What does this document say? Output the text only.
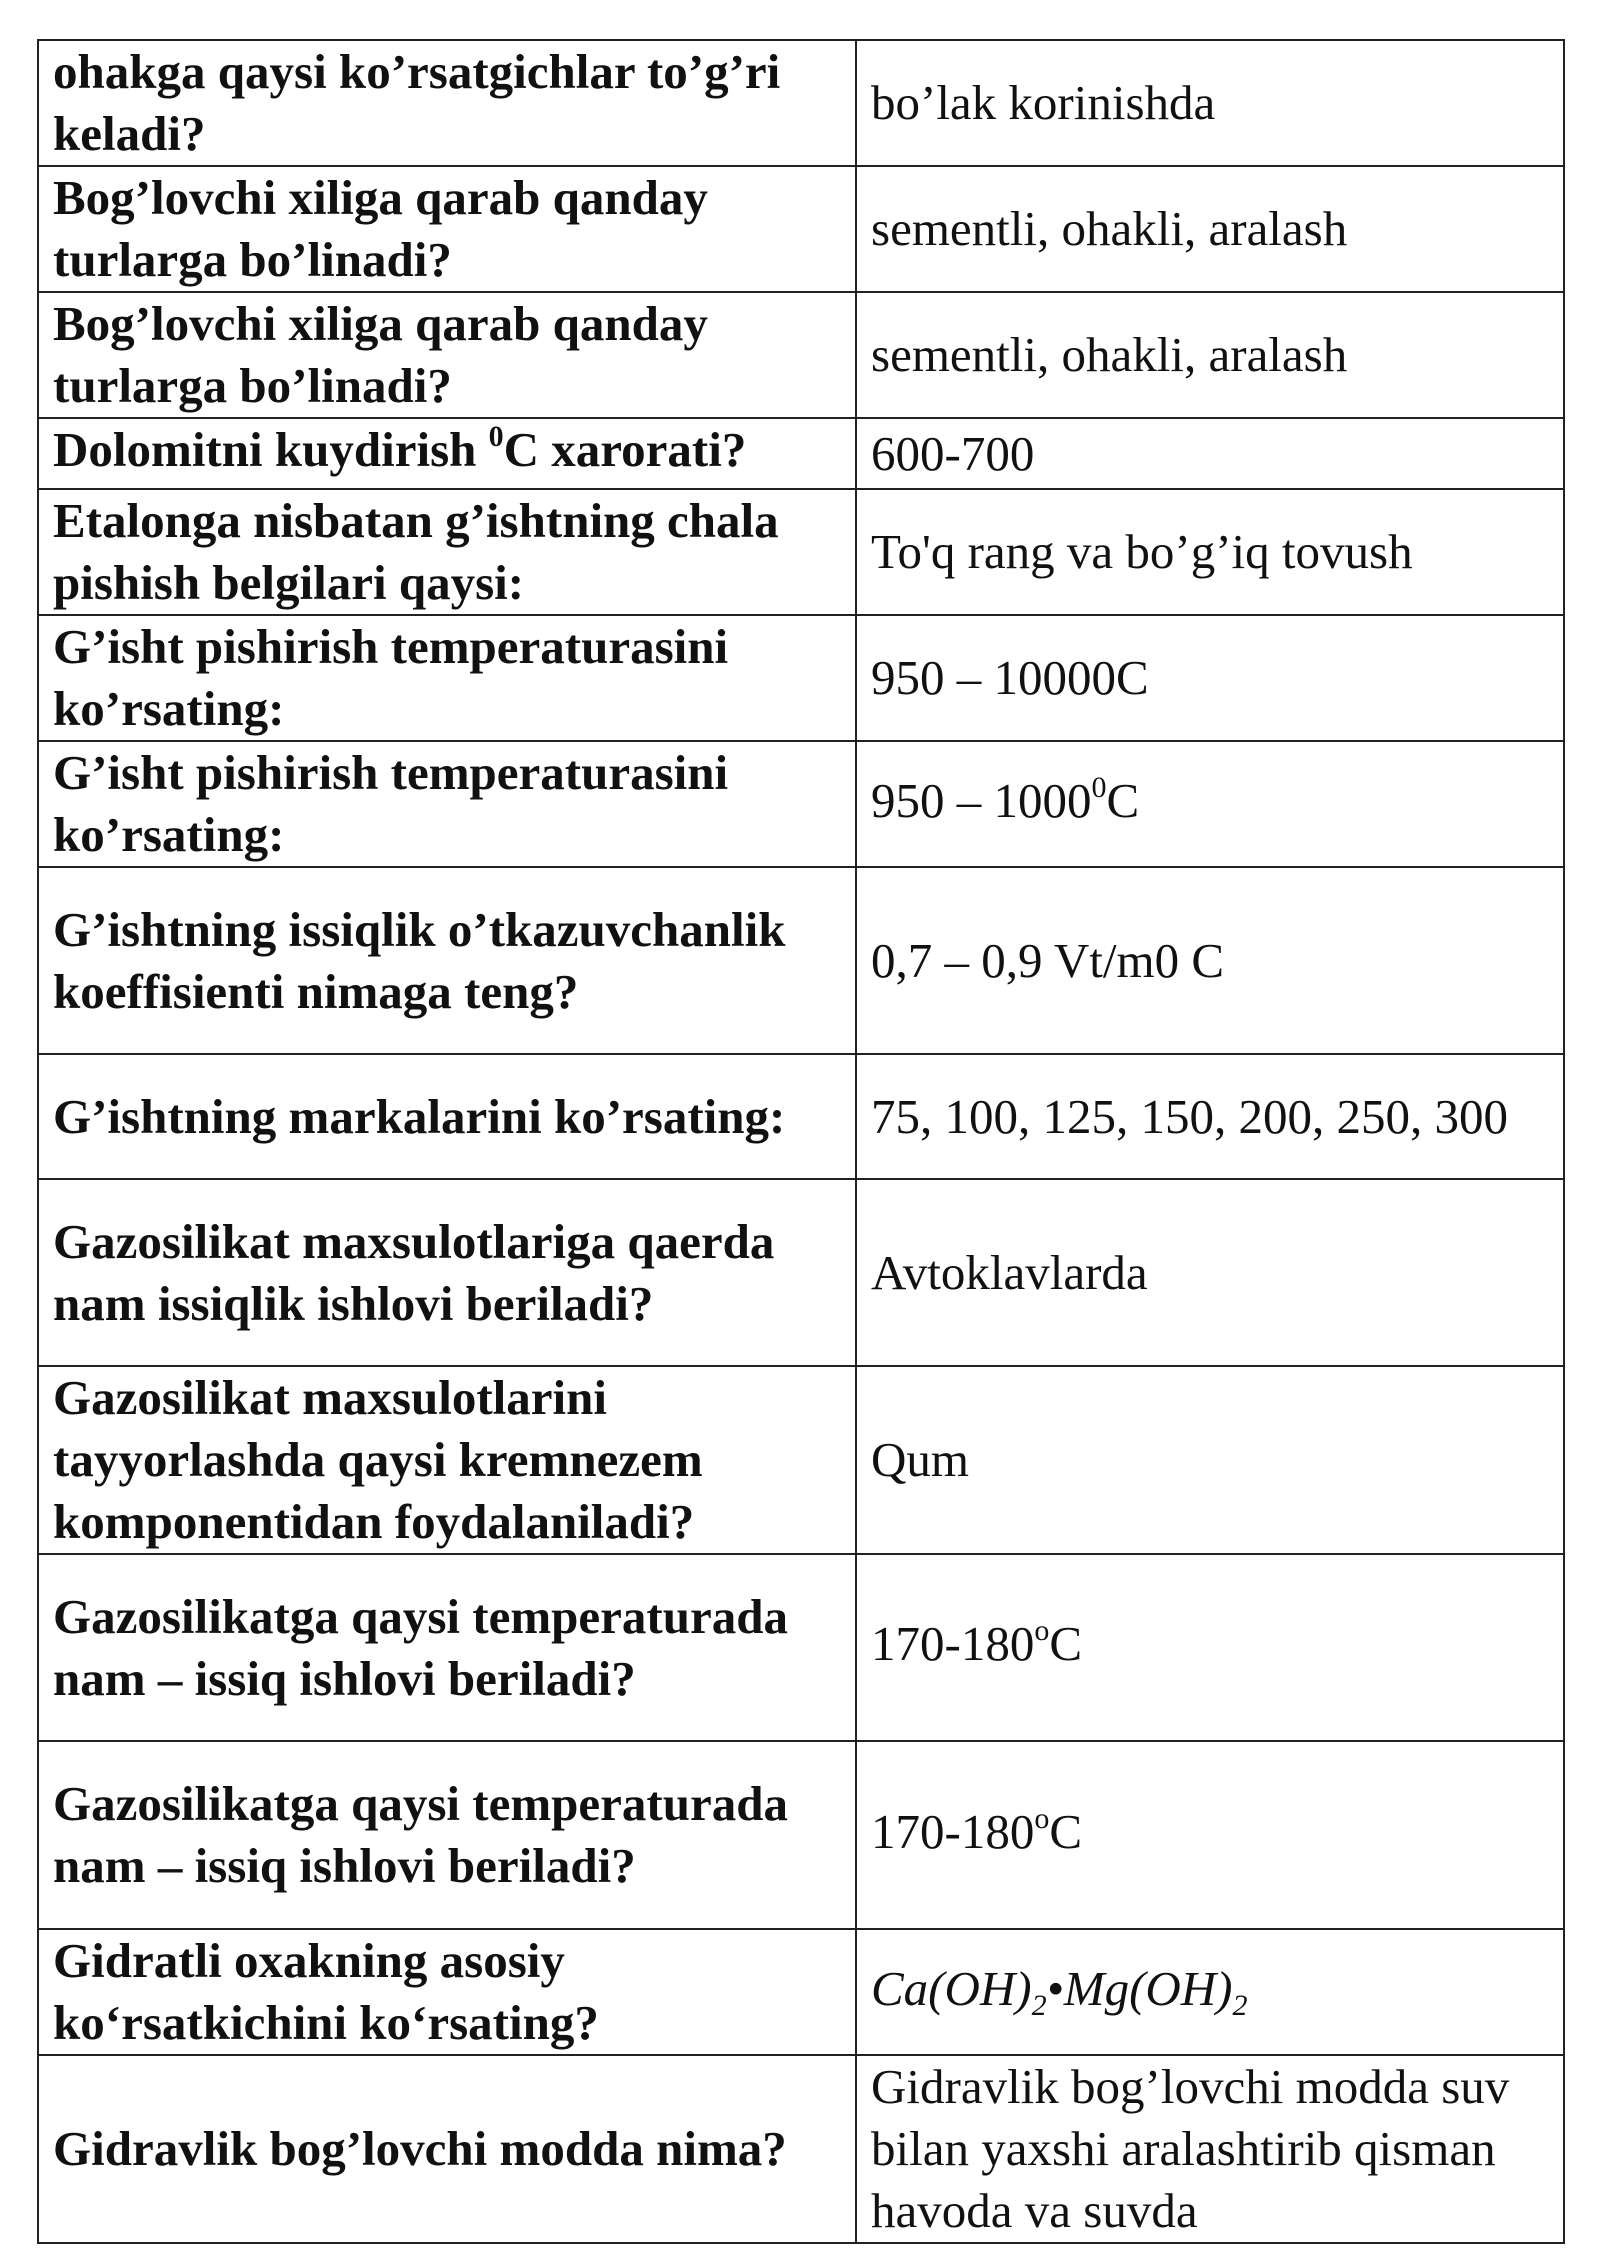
ohakga qaysi ko’rsatgichlar to’g’ri keladi?	bo’lak korinishda
Bog’lovchi xiliga qarab qanday turlarga bo’linadi?	sementli, ohakli, aralash
Bog’lovchi xiliga qarab qanday turlarga bo’linadi?	sementli, ohakli, aralash
Dolomitni kuydirish $^0$C xarorati?	600-700
Etalonga nisbatan g’ishtning chala pishish belgilari qaysi:	To'q rang va bo’g’iq tovush
G’isht pishirish temperaturasini ko’rsating:	950 – 10000C
G’isht pishirish temperaturasini ko’rsating:	950 – 1000$^0$C
G’ishtning issiqlik o’tkazuvchanlik koeffisienti nimaga teng?	0,7 – 0,9 Vt/m0 C
G’ishtning markalarini ko’rsating:	75, 100, 125, 150, 200, 250, 300
Gazosilikat maxsulotlariga qaerda nam issiqlik ishlovi beriladi?	Avtoklavlarda
Gazosilikat maxsulotlarini tayyorlashda qaysi kremnezem komponentidan foydalaniladi?	Qum
Gazosilikatga qaysi temperaturada nam – issiq ishlovi beriladi?	170-180$^o$C
Gazosilikatga qaysi temperaturada nam – issiq ishlovi beriladi?	170-180$^o$C
Gidratli oxakning asosiy ko‘rsatkichini ko‘rsating?	$Ca(OH)_2•Mg(OH)_2$
Gidravlik bog’lovchi modda nima?	Gidravlik bog’lovchi modda suv bilan yaxshi aralashtirib qisman havoda va suvda
